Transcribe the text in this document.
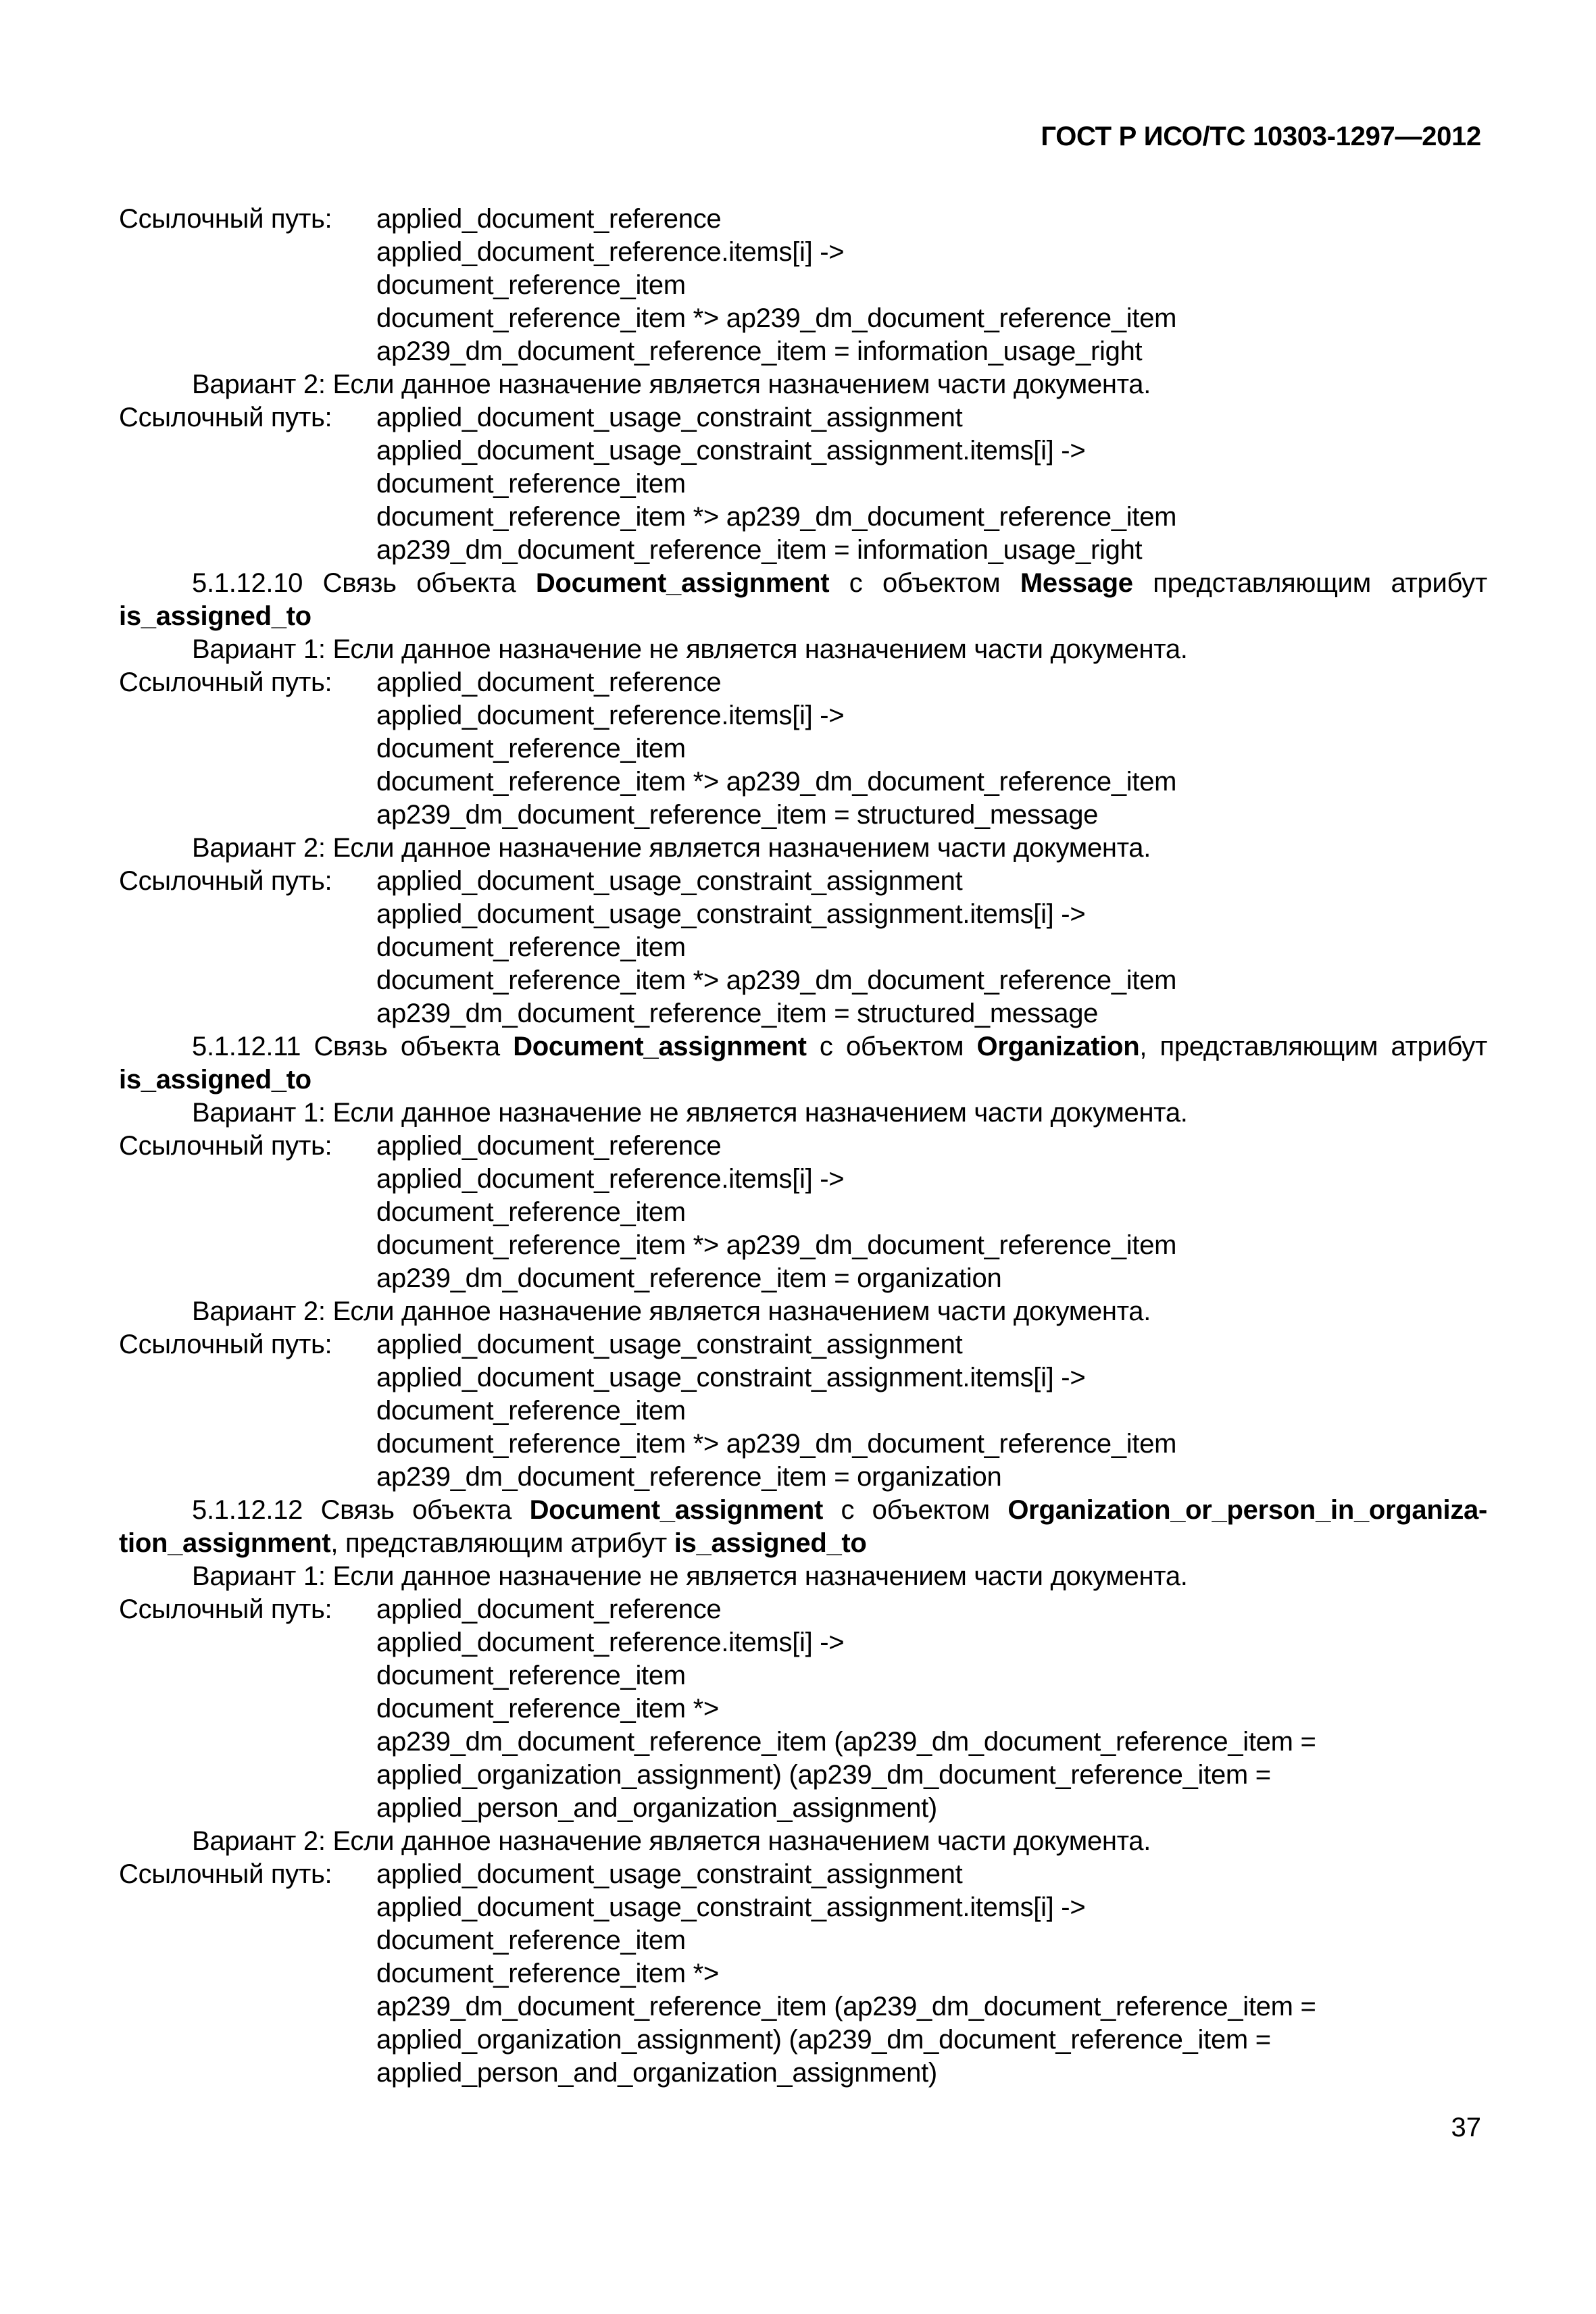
ГОСТ Р ИСО/ТС 10303-1297—2012
Ссылочный путь:	applied_document_reference
applied_document_reference.items[i] ->
document_reference_item
document_reference_item *> ap239_dm_document_reference_item
ap239_dm_document_reference_item = information_usage_right
Вариант 2: Если данное назначение является назначением части документа.
Ссылочный путь:	applied_document_usage_constraint_assignment
applied_document_usage_constraint_assignment.items[i] ->
document_reference_item
document_reference_item *> ap239_dm_document_reference_item
ap239_dm_document_reference_item = information_usage_right
5.1.12.10 Связь объекта Document_assignment с объектом Message представляющим атрибут is_assigned_to
Вариант 1: Если данное назначение не является назначением части документа.
Ссылочный путь:	applied_document_reference
applied_document_reference.items[i] ->
document_reference_item
document_reference_item *> ap239_dm_document_reference_item
ap239_dm_document_reference_item = structured_message
Вариант 2: Если данное назначение является назначением части документа.
Ссылочный путь:	applied_document_usage_constraint_assignment
applied_document_usage_constraint_assignment.items[i] ->
document_reference_item
document_reference_item *> ap239_dm_document_reference_item
ap239_dm_document_reference_item = structured_message
5.1.12.11 Связь объекта Document_assignment с объектом Organization, представляющим атрибут is_assigned_to
Вариант 1: Если данное назначение не является назначением части документа.
Ссылочный путь:	applied_document_reference
applied_document_reference.items[i] ->
document_reference_item
document_reference_item *> ap239_dm_document_reference_item
ap239_dm_document_reference_item = organization
Вариант 2: Если данное назначение является назначением части документа.
Ссылочный путь:	applied_document_usage_constraint_assignment
applied_document_usage_constraint_assignment.items[i] ->
document_reference_item
document_reference_item *> ap239_dm_document_reference_item
ap239_dm_document_reference_item = organization
5.1.12.12 Связь объекта Document_assignment с объектом Organization_or_person_in_organiza-tion_assignment, представляющим атрибут is_assigned_to
Вариант 1: Если данное назначение не является назначением части документа.
Ссылочный путь:	applied_document_reference
applied_document_reference.items[i] ->
document_reference_item
document_reference_item *>
ap239_dm_document_reference_item (ap239_dm_document_reference_item =
applied_organization_assignment) (ap239_dm_document_reference_item =
applied_person_and_organization_assignment)
Вариант 2: Если данное назначение является назначением части документа.
Ссылочный путь:	applied_document_usage_constraint_assignment
applied_document_usage_constraint_assignment.items[i] ->
document_reference_item
document_reference_item *>
ap239_dm_document_reference_item (ap239_dm_document_reference_item =
applied_organization_assignment) (ap239_dm_document_reference_item =
applied_person_and_organization_assignment)
37
